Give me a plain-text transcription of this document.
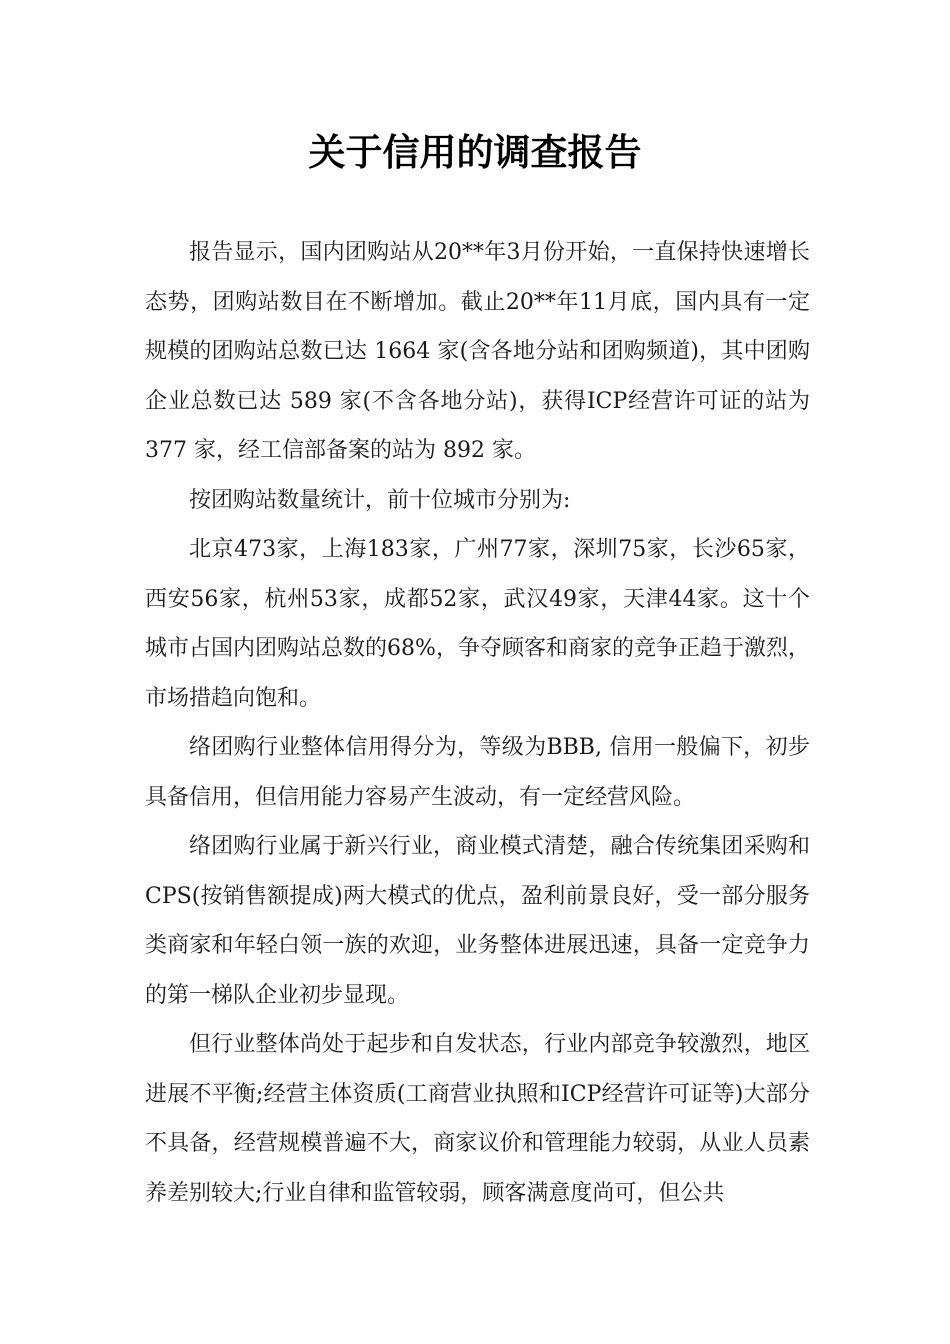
关于信用的调查报告

报告显示，国内团购站从20**年3月份开始，一直保持快速增长态势，团购站数目在不断增加。截止20**年11月底，国内具有一定规模的团购站总数已达 1664 家(含各地分站和团购频道)，其中团购企业总数已达 589 家(不含各地分站)，获得ICP经营许可证的站为 377 家，经工信部备案的站为 892 家。

按团购站数量统计，前十位城市分别为:

北京473家，上海183家，广州77家，深圳75家，长沙65家，西安56家，杭州53家，成都52家，武汉49家，天津44家。这十个城市占国内团购站总数的68%，争夺顾客和商家的竞争正趋于激烈，市场措趋向饱和。

络团购行业整体信用得分为，等级为BBB, 信用一般偏下，初步具备信用，但信用能力容易产生波动，有一定经营风险。

络团购行业属于新兴行业，商业模式清楚，融合传统集团采购和CPS(按销售额提成)两大模式的优点，盈利前景良好，受一部分服务类商家和年轻白领一族的欢迎，业务整体进展迅速，具备一定竞争力的第一梯队企业初步显现。

但行业整体尚处于起步和自发状态，行业内部竞争较激烈，地区进展不平衡;经营主体资质(工商营业执照和ICP经营许可证等)大部分不具备，经营规模普遍不大，商家议价和管理能力较弱，从业人员素养差别较大;行业自律和监管较弱，顾客满意度尚可，但公共
